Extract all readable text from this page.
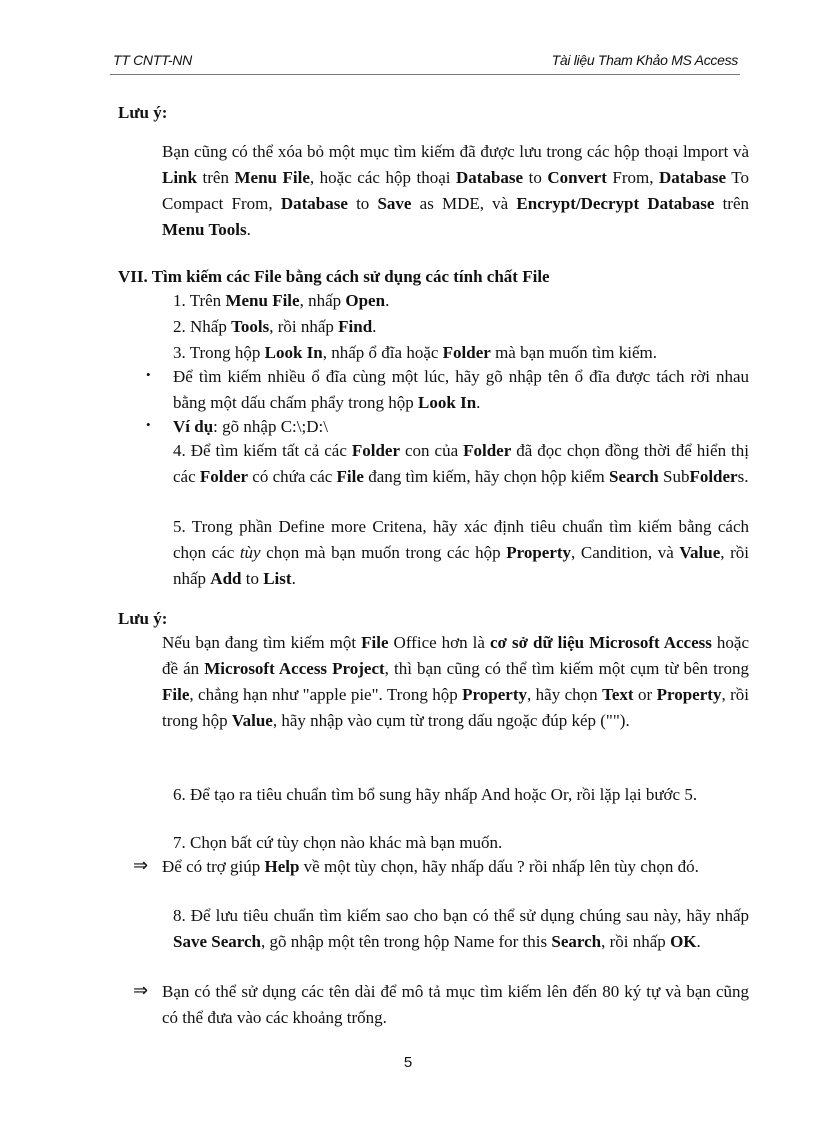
TT CNTT-NN	Tài liệu Tham Khảo MS Access

Lưu ý:

Bạn cũng có thể xóa bỏ một mục tìm kiếm đã được lưu trong các hộp thoại lmport và Link trên Menu File, hoặc các hộp thoại Database to Convert From, Database To Compact From, Database to Save as MDE, và Encrypt/Decrypt Database trên Menu Tools.

VII. Tìm kiếm các File bằng cách sử dụng các tính chất File

1. Trên Menu File, nhấp Open.

2. Nhấp Tools, rồi nhấp Find.

3. Trong hộp Look In, nhấp ổ đĩa hoặc Folder mà bạn muốn tìm kiếm.

• Để tìm kiếm nhiều ổ đĩa cùng một lúc, hãy gõ nhập tên ổ đĩa được tách rời nhau bằng một dấu chấm phẩy trong hộp Look In.

• Ví dụ: gõ nhập C:\;D:\

4. Để tìm kiếm tất cả các Folder con của Folder đã đọc chọn đồng thời để hiển thị các Folder có chứa các File đang tìm kiếm, hãy chọn hộp kiểm Search SubFolders.

5. Trong phần Define more Critena, hãy xác định tiêu chuẩn tìm kiếm bằng cách chọn các tùy chọn mà bạn muốn trong các hộp Property, Candition, và Value, rồi nhấp Add to List.

Lưu ý:

Nếu bạn đang tìm kiếm một File Office hơn là cơ sở dữ liệu Microsoft Access hoặc đề án Microsoft Access Project, thì bạn cũng có thể tìm kiếm một cụm từ bên trong File, chẳng hạn như "apple pie". Trong hộp Property, hãy chọn Text or Property, rồi trong hộp Value, hãy nhập vào cụm từ trong dấu ngoặc đúp kép ("").

6. Để tạo ra tiêu chuẩn tìm bổ sung hãy nhấp And hoặc Or, rồi lặp lại bước 5.

7. Chọn bất cứ tùy chọn nào khác mà bạn muốn.

⇒ Để có trợ giúp Help về một tùy chọn, hãy nhấp dấu ? rồi nhấp lên tùy chọn đó.

8. Để lưu tiêu chuẩn tìm kiếm sao cho bạn có thể sử dụng chúng sau này, hãy nhấp Save Search, gõ nhập một tên trong hộp Name for this Search, rồi nhấp OK.

⇒ Bạn có thể sử dụng các tên dài để mô tả mục tìm kiếm lên đến 80 ký tự và bạn cũng có thể đưa vào các khoảng trống.

5
